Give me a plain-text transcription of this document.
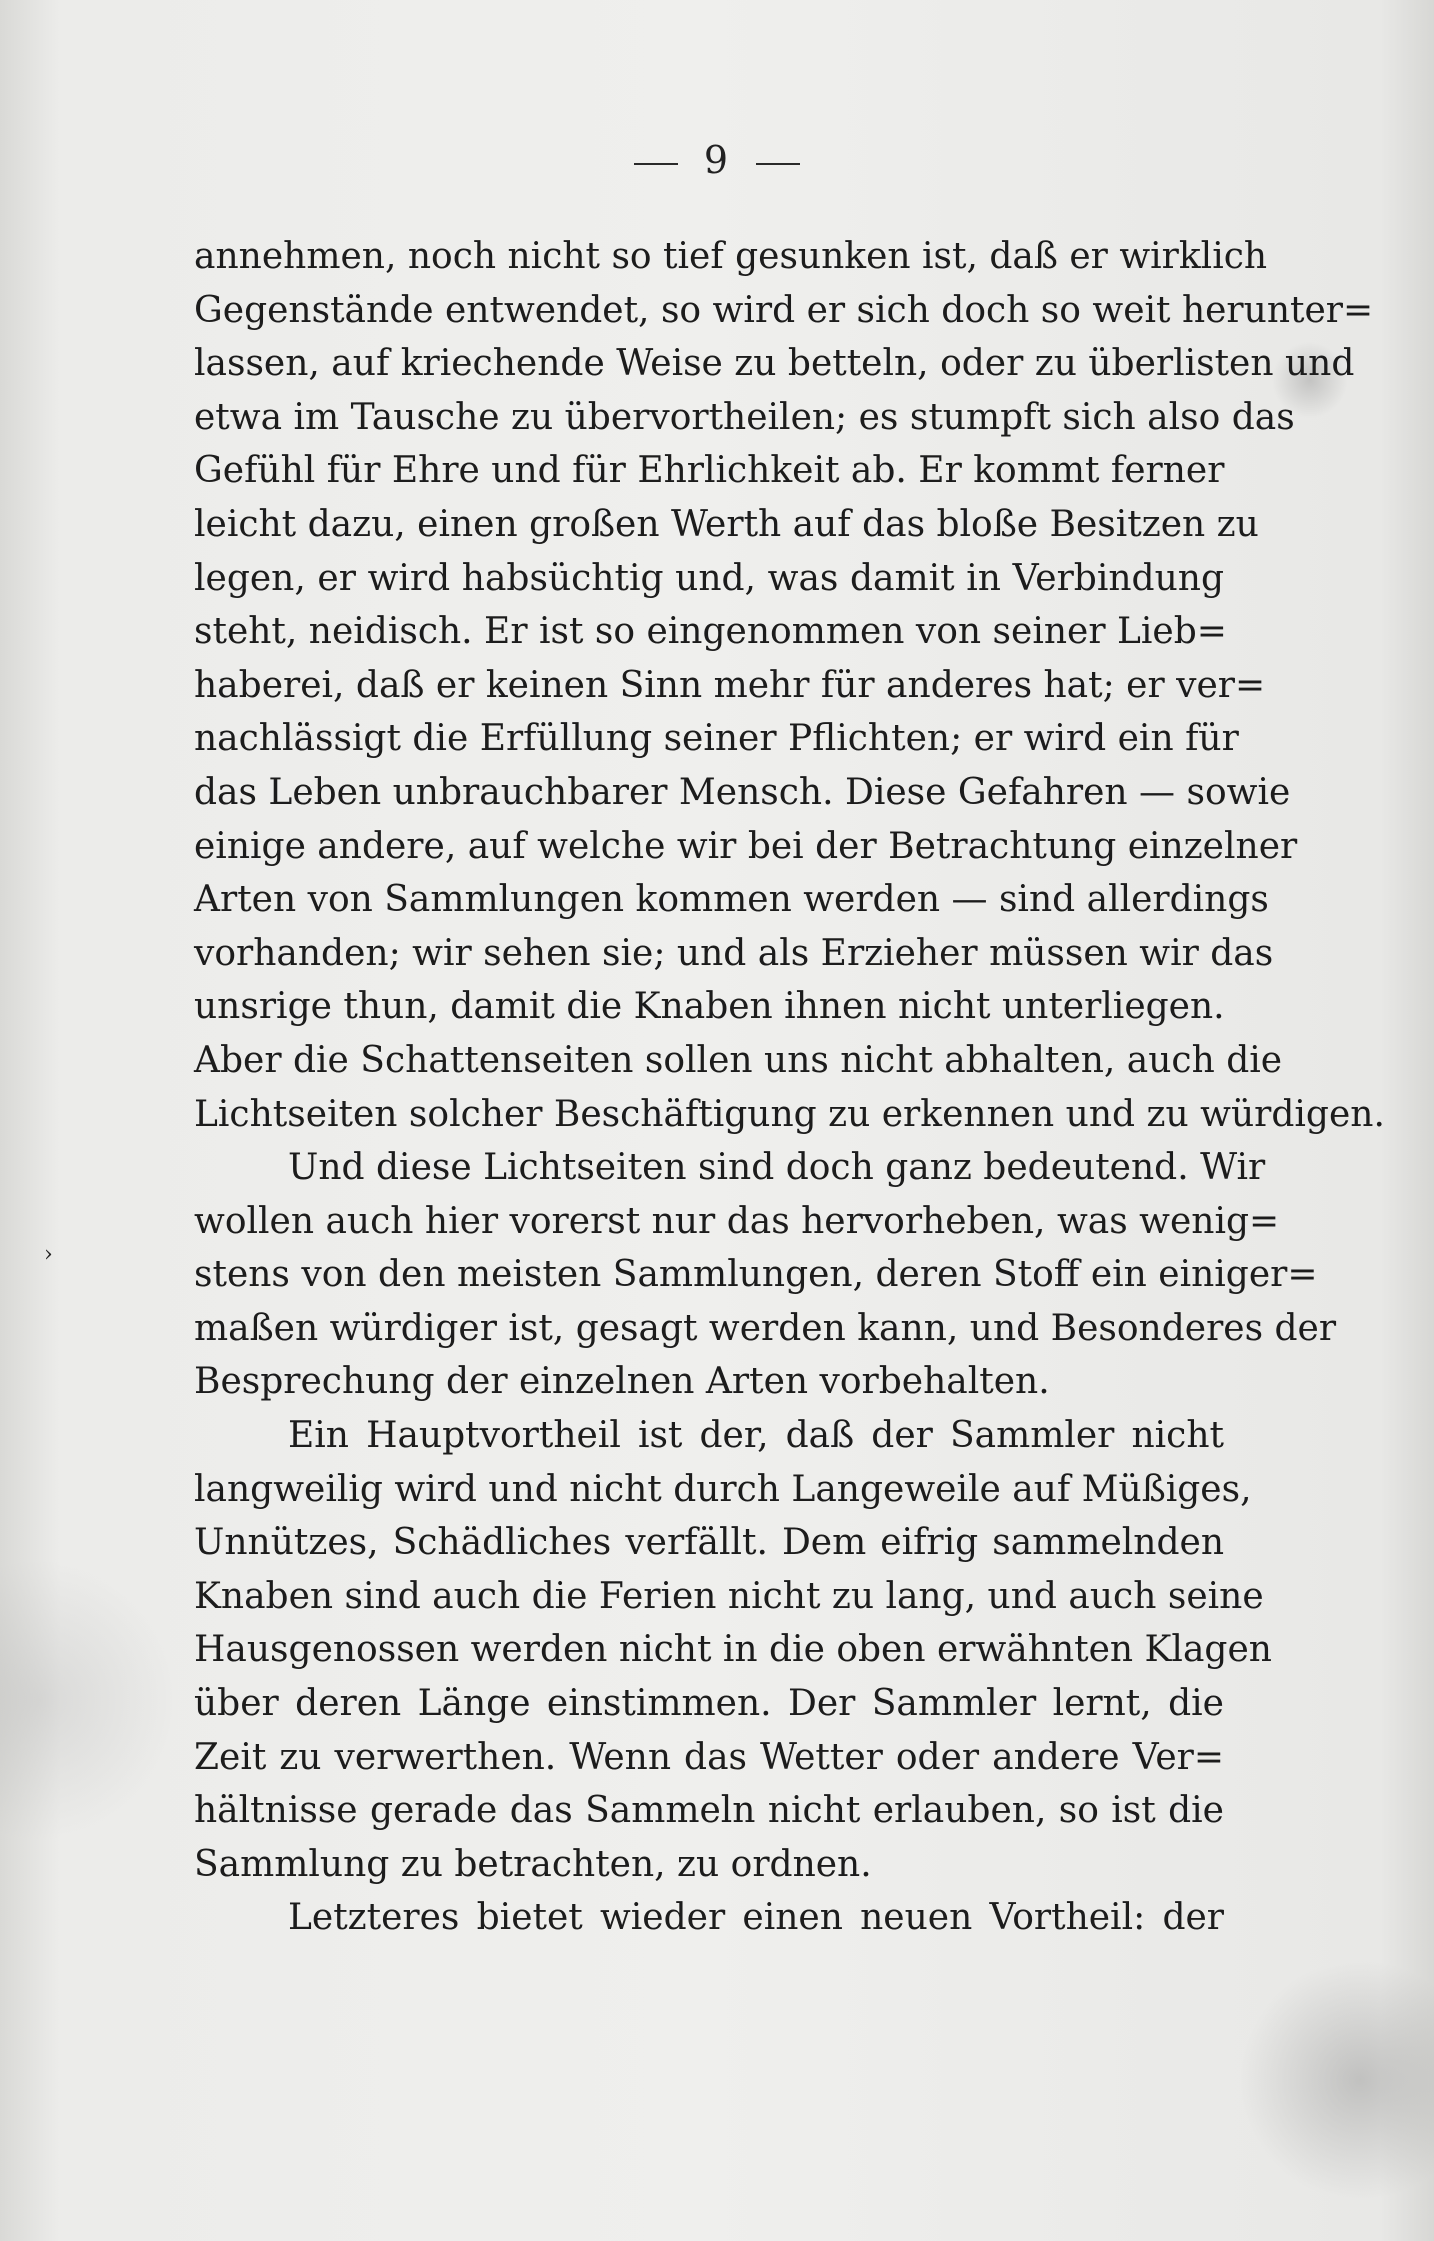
9
›
annehmen, noch nicht so tief gesunken ist, daß er wirklich
Gegenstände entwendet, so wird er sich doch so weit herunter=
lassen, auf kriechende Weise zu betteln, oder zu überlisten und
etwa im Tausche zu übervortheilen; es stumpft sich also das
Gefühl für Ehre und für Ehrlichkeit ab. Er kommt ferner
leicht dazu, einen großen Werth auf das bloße Besitzen zu
legen, er wird habsüchtig und, was damit in Verbindung
steht, neidisch. Er ist so eingenommen von seiner Lieb=
haberei, daß er keinen Sinn mehr für anderes hat; er ver=
nachlässigt die Erfüllung seiner Pflichten; er wird ein für
das Leben unbrauchbarer Mensch. Diese Gefahren — sowie
einige andere, auf welche wir bei der Betrachtung einzelner
Arten von Sammlungen kommen werden — sind allerdings
vorhanden; wir sehen sie; und als Erzieher müssen wir das
unsrige thun, damit die Knaben ihnen nicht unterliegen.
Aber die Schattenseiten sollen uns nicht abhalten, auch die
Lichtseiten solcher Beschäftigung zu erkennen und zu würdigen.
Und diese Lichtseiten sind doch ganz bedeutend. Wir
wollen auch hier vorerst nur das hervorheben, was wenig=
stens von den meisten Sammlungen, deren Stoff ein einiger=
maßen würdiger ist, gesagt werden kann, und Besonderes der
Besprechung der einzelnen Arten vorbehalten.
Ein Hauptvortheil ist der, daß der Sammler nicht
langweilig wird und nicht durch Langeweile auf Müßiges,
Unnützes, Schädliches verfällt. Dem eifrig sammelnden
Knaben sind auch die Ferien nicht zu lang, und auch seine
Hausgenossen werden nicht in die oben erwähnten Klagen
über deren Länge einstimmen. Der Sammler lernt, die
Zeit zu verwerthen. Wenn das Wetter oder andere Ver=
hältnisse gerade das Sammeln nicht erlauben, so ist die
Sammlung zu betrachten, zu ordnen.
Letzteres bietet wieder einen neuen Vortheil: der
